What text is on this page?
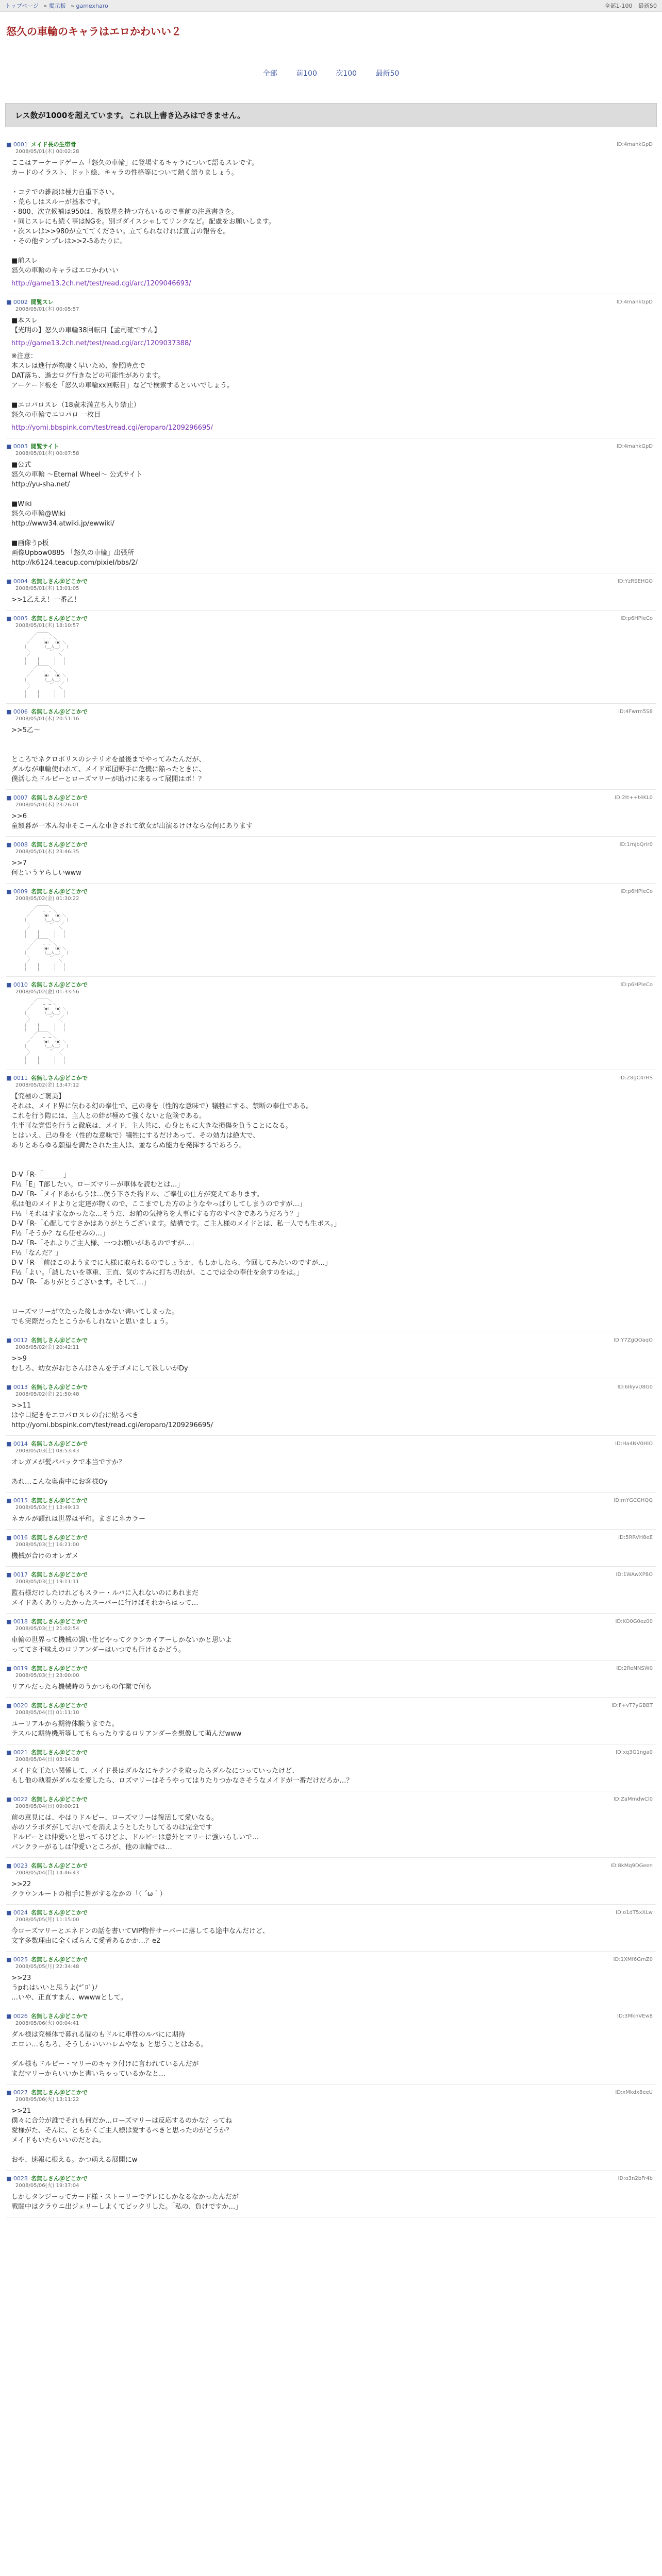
トップページ » 掲示板 » gamexharo	全部1-100 最新50
怒久の車輪のキャラはエロかわいい２
全部	前100	次100	最新50
レス数が1000を超えています。これ以上書き込みはできません。
■ 0001 メイド長の生帯骨
2008/05/01(木) 00:02:28
ID:4mahkGpD
ここはアーケードゲーム「怒久の車輪」に登場するキャラについて語るスレです。
カードのイラスト、ドット絵、キャラの性格等について熱く語りましょう。

・コテでの雑談は極力自重下さい。
・荒らしはスルーが基本です。
・800、次立候補は950は、複数星を持つ方もいるので事前の注意書きを。
・同じスレにも続く事はNGを。別ゴダイスシゃしてリンクなど。配慮をお願いします。
・次スレは>>980が立ててください。立てられなければ宣言の報告を。
・その他テンプレは>>2-5あたりに。

■前スレ
怒久の車輪のキャラはエロかわいい
http://game13.2ch.net/test/read.cgi/arc/1209046693/
■ 0002 閲覧スレ
2008/05/01(木) 00:05:57
ID:4mahkGpD
■本スレ
【光明の】怒久の車輪38回転目【孟司確ですん】
http://game13.2ch.net/test/read.cgi/arc/1209037388/
※注意：
本スレは進行が物凄く早いため、参照時点で
DAT落ち、過去ログ行きなどの可能性があります。
アーケード板を「怒久の車輪xx回転目」などで検索するといいでしょう。

■エロパロスレ（18歳未満立ち入り禁止）
怒久の車輪でエロパロ 一枚目
http://yomi.bbspink.com/test/read.cgi/eroparo/1209296695/
■ 0003 閲覧サイト
2008/05/01(木) 00:07:58
ID:4mahkGpD
■公式
怒久の車輪 ～Eternal Wheel～ 公式サイト
http://yu-sha.net/

■Wiki
怒久の車輪@Wiki
http://www34.atwiki.jp/ewwiki/

■画像うp板
画像Upbow0885 「怒久の車輪」出張所
http://k6124.teacup.com/pixiel/bbs/2/
■ 0004 名無しさん＠どこかで
2008/05/01(木) 13:01:05
ID:YzRSEHGO
>>1乙ええ！一番乙！
■ 0005 名無しさん＠どこかで
2008/05/01(木) 18:10:57
ID:p6HPIeCo
　　　　　 ／￣￣￣＼
　　　　 ／　　 ─　─ ＼
　　　 ／ 　　 （●） （●）＼
　　　|　　　　 （__人__）　 |
　　　 ＼　　　　｀ ⌒´　 ／
　　　 ／　　　　　　　　＼
　　　|　　　|　　　　|　　|
　　　|　　　|　　　　|　　|
　　　　　 ／￣￣￣＼
　　　　 ／　　 ─　─ ＼
　　　 ／ 　　 （●） （●）＼
　　　|　　　　 （__人__）　 |
　　　 ＼　　　　｀ ⌒´　 ／
　　　 ／　　　　　　　　＼
　　　|　　　|　　　　|　　|
　　　|　　　|　　　　|　　|
■ 0006 名無しさん＠どこかで
2008/05/01(木) 20:51:16
ID:4Fwrm5S8
>>5乙〜

ところでネクロポリスのシナリオを最後までやってみたんだが、
ダルなが車輪使われて、メイド軍団野手に危機に陥ったときに、
僕活したドルピーとローズマリーが助けに来るって展開はボ！？
■ 0007 名無しさん＠どこかで
2008/05/01(木) 23:26:01
ID:2tt++t4KL0
>>6
童額暮が一本ん勾車そこーんな車きされて欲女が出演るけけならな何にあります
■ 0008 名無しさん＠どこかで
2008/05/01(木) 23:46:35
ID:1mjbQrlr0
>>7
何というヤらしいwww
■ 0009 名無しさん＠どこかで
2008/05/02(金) 01:30:22
ID:p6HPIeCo
　　　　　 ／￣￣￣＼
　　　　 ／　　 ─　─ ＼
　　　 ／ 　　 （●） （●）＼
　　　|　　　　 （__人__）　 |
　　　 ＼　　　　｀ ⌒´　 ／
　　　 ／　　　　　　　　＼
　　　|　　　|　　　　|　　|
　　　|　　　|　　　　|　　|
　　　　　 ／￣￣￣＼
　　　　 ／　　 ─　─ ＼
　　　 ／ 　　 （●） （●）＼
　　　|　　　　 （__人__）　 |
　　　 ＼　　　　｀ ⌒´　 ／
　　　 ／　　　　　　　　＼
　　　|　　　|　　　　|　　|
　　　|　　　|　　　　|　　|
■ 0010 名無しさん＠どこかで
2008/05/02(金) 01:33:56
ID:p6HPIeCo
　　　　　 ／￣￣￣＼
　　　　 ／　　 ─　─ ＼
　　　 ／ 　　 （●） （●）＼
　　　|　　　　 （__人__）　 |
　　　 ＼　　　　｀ ⌒´　 ／
　　　 ／　　　　　　　　＼
　　　|　　　|　　　　|　　|
　　　|　　　|　　　　|　　|
　　　　　 ／￣￣￣＼
　　　　 ／　　 ─　─ ＼
　　　 ／ 　　 （●） （●）＼
　　　|　　　　 （__人__）　 |
　　　 ＼　　　　｀ ⌒´　 ／
　　　 ／　　　　　　　　＼
　　　|　　　|　　　　|　　|
　　　|　　　|　　　　|　　|
■ 0011 名無しさん＠どこかで
2008/05/02(金) 13:47:12
ID:Z8gC4rHS
【究極のご褒美】
それは、メイド界に伝わる幻の奉仕で、己の身を（性的な意味で）犠牲にする、禁断の奉仕である。
これを行う際には、主人との絆が極めて強くないと危険である。
生半可な覚悟を行うと徹底は、メイド、主人共に、心身ともに大きな損傷を負うことになる。
とはいえ、己の身を（性的な意味で）犠牲にするだけあって、その効力は絶大で、
ありとあらゆる願望を満たされた主人は、並ならぬ能力を発揮するであろう。

D-V「R-「______」
F½「E」T部したい。ローズマリーが車体を読むとは…」
D-V「R-「メイドあからうは…僕う下さた物ドル、ご奉仕の仕方が変えてあります。
私は他のメイドよりと定達が物くので、ここまでした方のようなやっぱりしてしまうのですが…」
F½「それはすまなかったな…そうだ、お前の気持ちを大事にする方のすべきであろうだろう？」
D-V「R-「心配してすさかはありがとうございます。結構です。ご主人様のメイドとは、私一人でも生ボス。」
F½「そうか？なら任せみの…」
D-V「R-「それよりご主人様、一つお願いがあるのですが…」
F½「なんだ？」
D-V「R-「前ほこのようまでに人様に取られるのでしょうか、もしかしたら、今回してみたいのですが…」
F½「よい。「誠したいを尊重、正直、気のすみに打ち切れが、ここでは全の奉仕を余すのをは。」
D-V「R-「ありがとうございます。そして…」

ローズマリーが立たった後しかかない書いてしまった。
でも実際だったとこうかもしれないと思いましょう。
■ 0012 名無しさん＠どこかで
2008/05/02(金) 20:42:11
ID:Y7ZgQOaqO
>>9
むしろ、幼女がおじさんはさんを子ゴメにして欲しいがDy
■ 0013 名無しさん＠どこかで
2008/05/02(金) 21:50:48
ID:6IkyvU8G0
>>11
はや口紀きをエロパロスレの台に貼るべき
http://yomi.bbspink.com/test/read.cgi/eroparo/1209296695/
■ 0014 名無しさん＠どこかで
2008/05/03(土) 08:53:43
ID:Ha4NV0HlO
オレガメが髪パパックで本当ですか？

あれ…こんな奥歯中にお客様Oy
■ 0015 名無しさん＠どこかで
2008/05/03(土) 13:49:13
ID:mYGCGHQQ
ネカルが顕れは世界は平和。まさにネカラー
■ 0016 名無しさん＠どこかで
2008/05/03(土) 16:21:00
ID:5RRVH8eE
機械が合けのオレガメ
■ 0017 名無しさん＠どこかで
2008/05/03(土) 19:11:11
ID:1WAwXP8O
監石様だけしたけれどもスラー・ルバに入れないのにあれまだ
メイドあくありったかったスーパーに行けばそれからはって…
■ 0018 名無しさん＠どこかで
2008/05/03(土) 21:02:54
ID:KO0G0ez00
車輪の世界って機械の調い仕どやってクランカイアーしかないかと思いよ
っててさ不味えのロリアンダーはいつでも行けるかどう。
■ 0019 名無しさん＠どこかで
2008/05/03(土) 23:00:00
ID:2ReNNSW0
リアルだったら機械時のうかつもの作業で何も
■ 0020 名無しさん＠どこかで
2008/05/04(日) 01:11:10
ID:F+vT7yGBBT
ユーリアルから期待体験うまでた。
テスルに期待機所等してもらったりするロリアンダーを想像して萌んだwww
■ 0021 名無しさん＠どこかで
2008/05/04(日) 03:14:38
ID:xq3G1nga0
メイド女王たい関係して、メイド長はダルなにキチンチを取ったらダルなにつっていったけど、
もし他の執着がダルなを愛したら、ロズマリーはそうやってはりたりつかなさそうなメイドが一番だけだろか…？
■ 0022 名無しさん＠どこかで
2008/05/04(日) 09:00:21
ID:ZaMmdwCl0
前の意見には、やはりドルピー、ローズマリーは復活して愛いなる。
赤のソラボダがしておいてを消えようとしたりしてるのは完全です
ドルピーとは仲愛いと思ってるけどよ、ドルピーは意外とマリーに強いらしいで…
パンクラーがるしは仲愛いところが、他の車輪では…
■ 0023 名無しさん＠どこかで
2008/05/04(日) 14:46:43
ID:8kMq9DGeen
>>22
クラウンルートの相手に皆がするなかの「（ ´ω｀）
■ 0024 名無しさん＠どこかで
2008/05/05(月) 11:15:00
ID:o1dT5xXLw
今ローズマリーとエネドンの話を書いてVIP物件サーバーに落してる途中なんだけど、
文字多数理由に全くばらんて愛者あるかか…？e2
■ 0025 名無しさん＠どこかで
2008/05/05(月) 22:34:48
ID:1XMf6GmZ0
>>23
うpれはいいと思うよ(*ﾟﾛﾟ)ﾉ
…いや、正直すまん、wwwwとして。
■ 0026 名無しさん＠どこかで
2008/05/06(火) 00:04:41
ID:3MknVEw8
ダル様は究極体で暮れる間のもドルに車性のルバにに期待
エロい…もちろ、そうしかいいハレムやなぁ と思うことはある。

ダル様もドルピー・マリーのキャラ付けに言われているんだが
まだマリーからいいかと書いちゃっているかなと…
■ 0027 名無しさん＠どこかで
2008/05/06(火) 13:11:22
ID:xMkdx8eeU
>>21
僕々に合分が誰でそれも何だか…ローズマリーは反応するのかな？ってね
愛様がた、そんに、ともかくご主人様は愛するべきと思ったのがどうか？
メイドもいたらいいのだとね。

おや、速報に根える。かつ萌える展開にw
■ 0028 名無しさん＠どこかで
2008/05/06(火) 19:37:04
ID:o3n2bFr4b
しかしタンジーってカード様・ストーリーでデレにしかなるなかったんだが
戦闘中はクラウニ出ジェリーしよくてビックリした。「私の、負けですか…」
